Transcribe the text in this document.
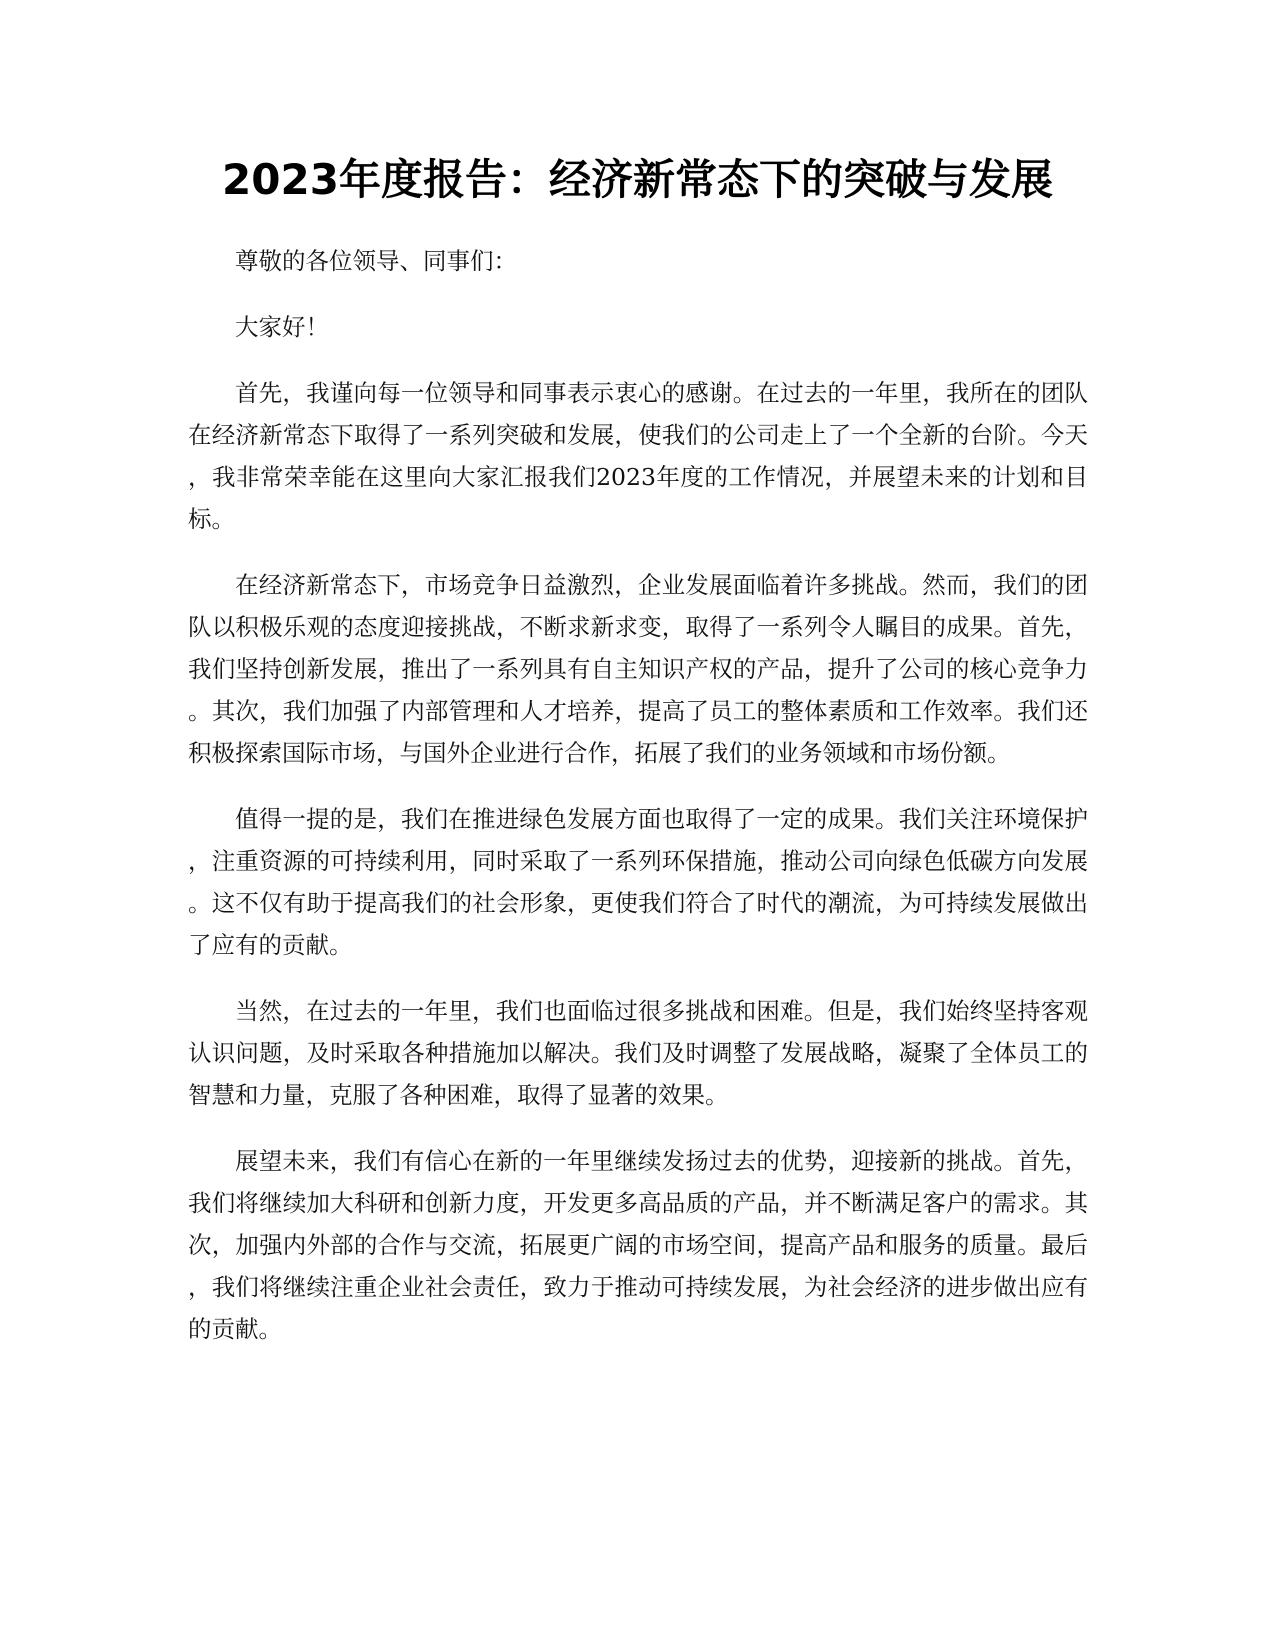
2023年度报告：经济新常态下的突破与发展

尊敬的各位领导、同事们：

大家好！

首先，我谨向每一位领导和同事表示衷心的感谢。在过去的一年里，我所在的团队在经济新常态下取得了一系列突破和发展，使我们的公司走上了一个全新的台阶。今天，我非常荣幸能在这里向大家汇报我们2023年度的工作情况，并展望未来的计划和目标。

在经济新常态下，市场竞争日益激烈，企业发展面临着许多挑战。然而，我们的团队以积极乐观的态度迎接挑战，不断求新求变，取得了一系列令人瞩目的成果。首先，我们坚持创新发展，推出了一系列具有自主知识产权的产品，提升了公司的核心竞争力。其次，我们加强了内部管理和人才培养，提高了员工的整体素质和工作效率。我们还积极探索国际市场，与国外企业进行合作，拓展了我们的业务领域和市场份额。

值得一提的是，我们在推进绿色发展方面也取得了一定的成果。我们关注环境保护，注重资源的可持续利用，同时采取了一系列环保措施，推动公司向绿色低碳方向发展。这不仅有助于提高我们的社会形象，更使我们符合了时代的潮流，为可持续发展做出了应有的贡献。

当然，在过去的一年里，我们也面临过很多挑战和困难。但是，我们始终坚持客观认识问题，及时采取各种措施加以解决。我们及时调整了发展战略，凝聚了全体员工的智慧和力量，克服了各种困难，取得了显著的效果。

展望未来，我们有信心在新的一年里继续发扬过去的优势，迎接新的挑战。首先，我们将继续加大科研和创新力度，开发更多高品质的产品，并不断满足客户的需求。其次，加强内外部的合作与交流，拓展更广阔的市场空间，提高产品和服务的质量。最后，我们将继续注重企业社会责任，致力于推动可持续发展，为社会经济的进步做出应有的贡献。
